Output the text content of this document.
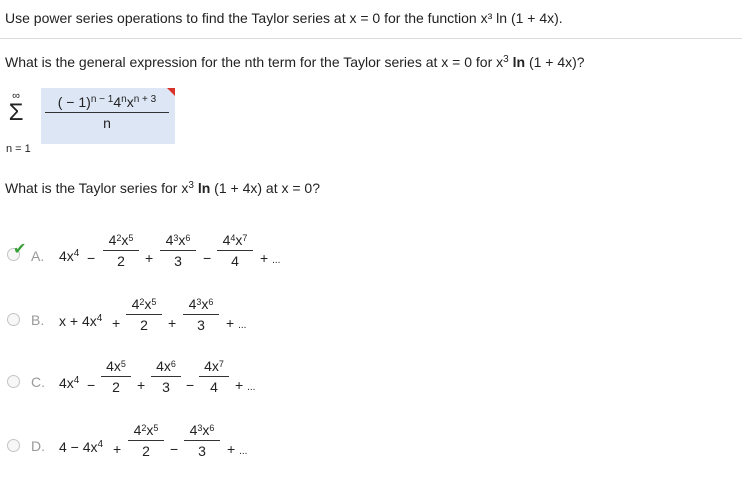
Use power series operations to find the Taylor series at x = 0 for the function x³ ln (1 + 4x).
What is the general expression for the nth term for the Taylor series at x = 0 for $x^3$ ln (1 + 4x)?
∞
Σ
n = 1
( − $1)^{n - 1}4^nx^{n + 3}$
n
What is the Taylor series for $x^3$ ln (1 + 4x) at x = 0?
✔ A. $4x^4 - \frac{4^2x^5}{2} + \frac{4^3x^6}{3} - \frac{4^4x^7}{4}$ + ...
B. $x + 4x^4 + \frac{4^2x^5}{2} + \frac{4^3x^6}{3}$ + ...
C. $4x^4 - \frac{4x^5}{2} + \frac{4x^6}{3} - \frac{4x^7}{4}$ + ...
D. $4 - 4x^4 + \frac{4^2x^5}{2} - \frac{4^3x^6}{3}$ + ...
